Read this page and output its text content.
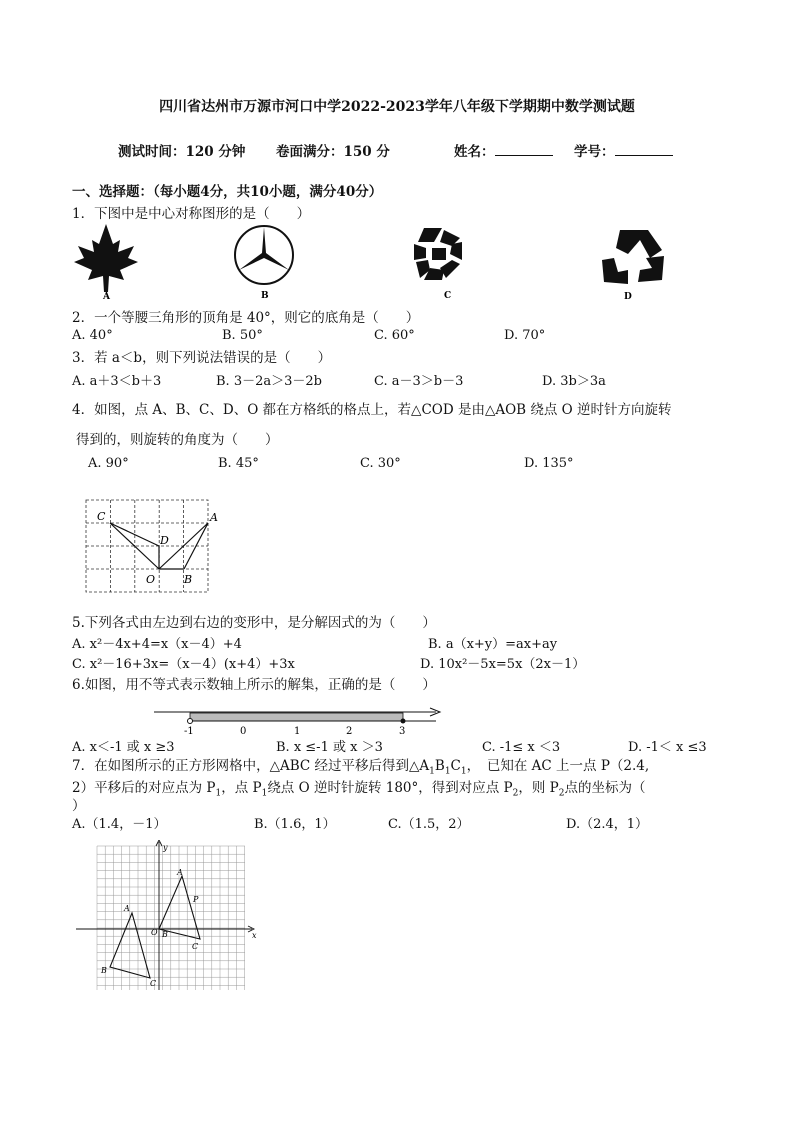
四川省达州市万源市河口中学2022-2023学年八年级下学期期中数学测试题
测试时间：120 分钟 卷面满分：150 分	姓名：	学号：
一、选择题：（每小题4分，共10小题，满分40分）
1．下图中是中心对称图形的是（　　）
A	B	C	D
2．一个等腰三角形的顶角是 40°，则它的底角是（　　）
A. 40°	B. 50°	C. 60°	D. 70°
3．若 a＜b，则下列说法错误的是（　　）
A. a＋3＜b＋3	B. 3－2a＞3－2b	C. a－3＞b－3	D. 3b＞3a
4．如图，点 A、B、C、D、O 都在方格纸的格点上，若△COD 是由△AOB 绕点 O 逆时针方向旋转
得到的，则旋转的角度为（　　）
A. 90°	B. 45°	C. 30°	D. 135°
C
D
A
O	B
5.下列各式由左边到右边的变形中，是分解因式的为（　　）
A. x²－4x+4=x（x－4）+4	B. a（x+y）=ax+ay
C. x²－16+3x=（x－4）(x+4）+3x	D. 10x²－5x=5x（2x－1）
6.如图，用不等式表示数轴上所示的解集，正确的是（　　）
-1	0	1	2	3
A. x＜-1 或 x ≥3	B. x ≤-1 或 x ＞3	C. -1≤ x ＜3	D. -1＜ x ≤3
7．在如图所示的正方形网格中，△ABC 经过平移后得到$\triangle A_1B_1C_1$，　已知在 AC 上一点 P（2.4,
2）平移后的对应点为 $P_1$，点 $P_1$绕点 O 逆时针旋转 180°，得到对应点 $P_2$，则 $P_2$点的坐标为（
）
A.（1.4，－1）	B.（1.6，1）	C.（1.5，2）	D.（2.4，1）
A
B
C
O
P
A
B
C
x
y
